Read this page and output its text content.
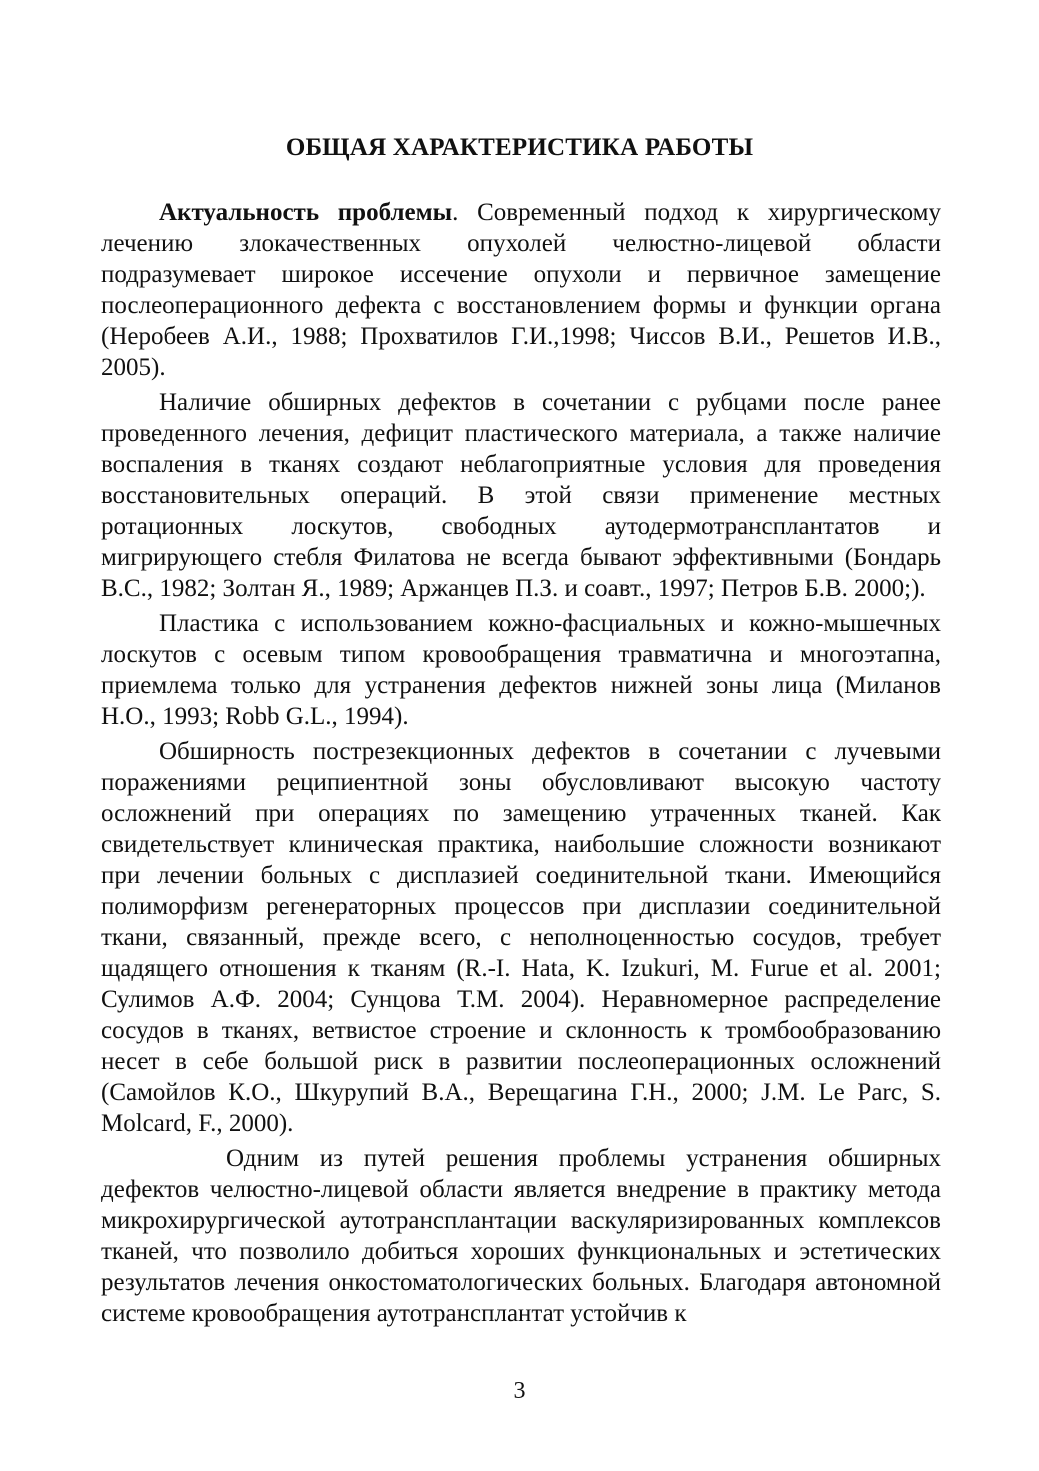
ОБЩАЯ ХАРАКТЕРИСТИКА РАБОТЫ

Актуальность проблемы. Современный подход к хирургическому лечению злокачественных опухолей челюстно-лицевой области подразумевает широкое иссечение опухоли и первичное замещение послеоперационного дефекта с восстановлением формы и функции органа (Неробеев А.И., 1988; Прохватилов Г.И.,1998; Чиссов В.И., Решетов И.В., 2005).

Наличие обширных дефектов в сочетании с рубцами после ранее проведенного лечения, дефицит пластического материала, а также наличие воспаления в тканях создают неблагоприятные условия для проведения восстановительных операций. В этой связи применение местных ротационных лоскутов, свободных аутодермотрансплантатов и мигрирующего стебля Филатова не всегда бывают эффективными (Бондарь В.С., 1982; Золтан Я., 1989; Аржанцев П.З. и соавт., 1997; Петров Б.В. 2000;).

Пластика с использованием кожно-фасциальных и кожно-мышечных лоскутов с осевым типом кровообращения травматична и многоэтапна, приемлема только для устранения дефектов нижней зоны лица (Миланов Н.О., 1993; Robb G.L., 1994).

Обширность пострезекционных дефектов в сочетании с лучевыми поражениями реципиентной зоны обусловливают высокую частоту осложнений при операциях по замещению утраченных тканей. Как свидетельствует клиническая практика, наибольшие сложности возникают при лечении больных с дисплазией соединительной ткани. Имеющийся полиморфизм регенераторных процессов при дисплазии соединительной ткани, связанный, прежде всего, с неполноценностью сосудов, требует щадящего отношения к тканям (R.-I. Hata, K. Izukuri, M. Furue et al. 2001; Сулимов А.Ф. 2004; Сунцова Т.М. 2004). Неравномерное распределение сосудов в тканях, ветвистое строение и склонность к тромбообразованию несет в себе большой риск в развитии послеоперационных осложнений (Самойлов К.О., Шкурупий В.А., Верещагина Г.Н., 2000; J.M. Le Parc, S. Molcard, F., 2000).

Одним из путей решения проблемы устранения обширных дефектов челюстно-лицевой области является внедрение в практику метода микрохирургической аутотрансплантации васкуляризированных комплексов тканей, что позволило добиться хороших функциональных и эстетических результатов лечения онкостоматологических больных. Благодаря автономной системе кровообращения аутотрансплантат устойчив к

3
